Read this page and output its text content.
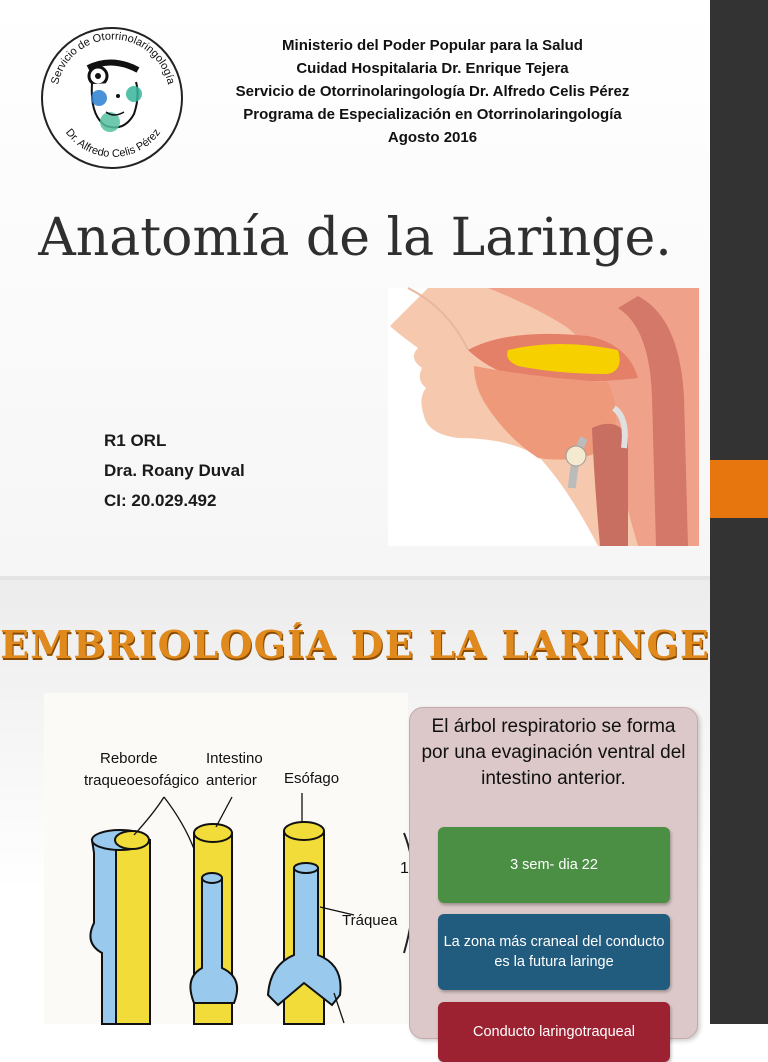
Servicio de Otorrinolaringología
Dr. Alfredo Celis Pérez
Ministerio del Poder Popular para la Salud
Cuidad Hospitalaria Dr. Enrique Tejera
Servicio de Otorrinolaringología Dr. Alfredo Celis Pérez
Programa de Especialización en Otorrinolaringología
Agosto 2016
Anatomía de la Laringe.
R1 ORL
Dra. Roany Duval
CI: 20.029.492
EMBRIOLOGÍA DE LA LARINGE
1
Reborde
traqueoesofágico
Intestino
anterior Esófago
Tráquea
El árbol respiratorio se forma por una evaginación ventral del intestino anterior.
3 sem- dia 22
La zona más craneal del conducto es la futura laringe
Conducto laringotraqueal
